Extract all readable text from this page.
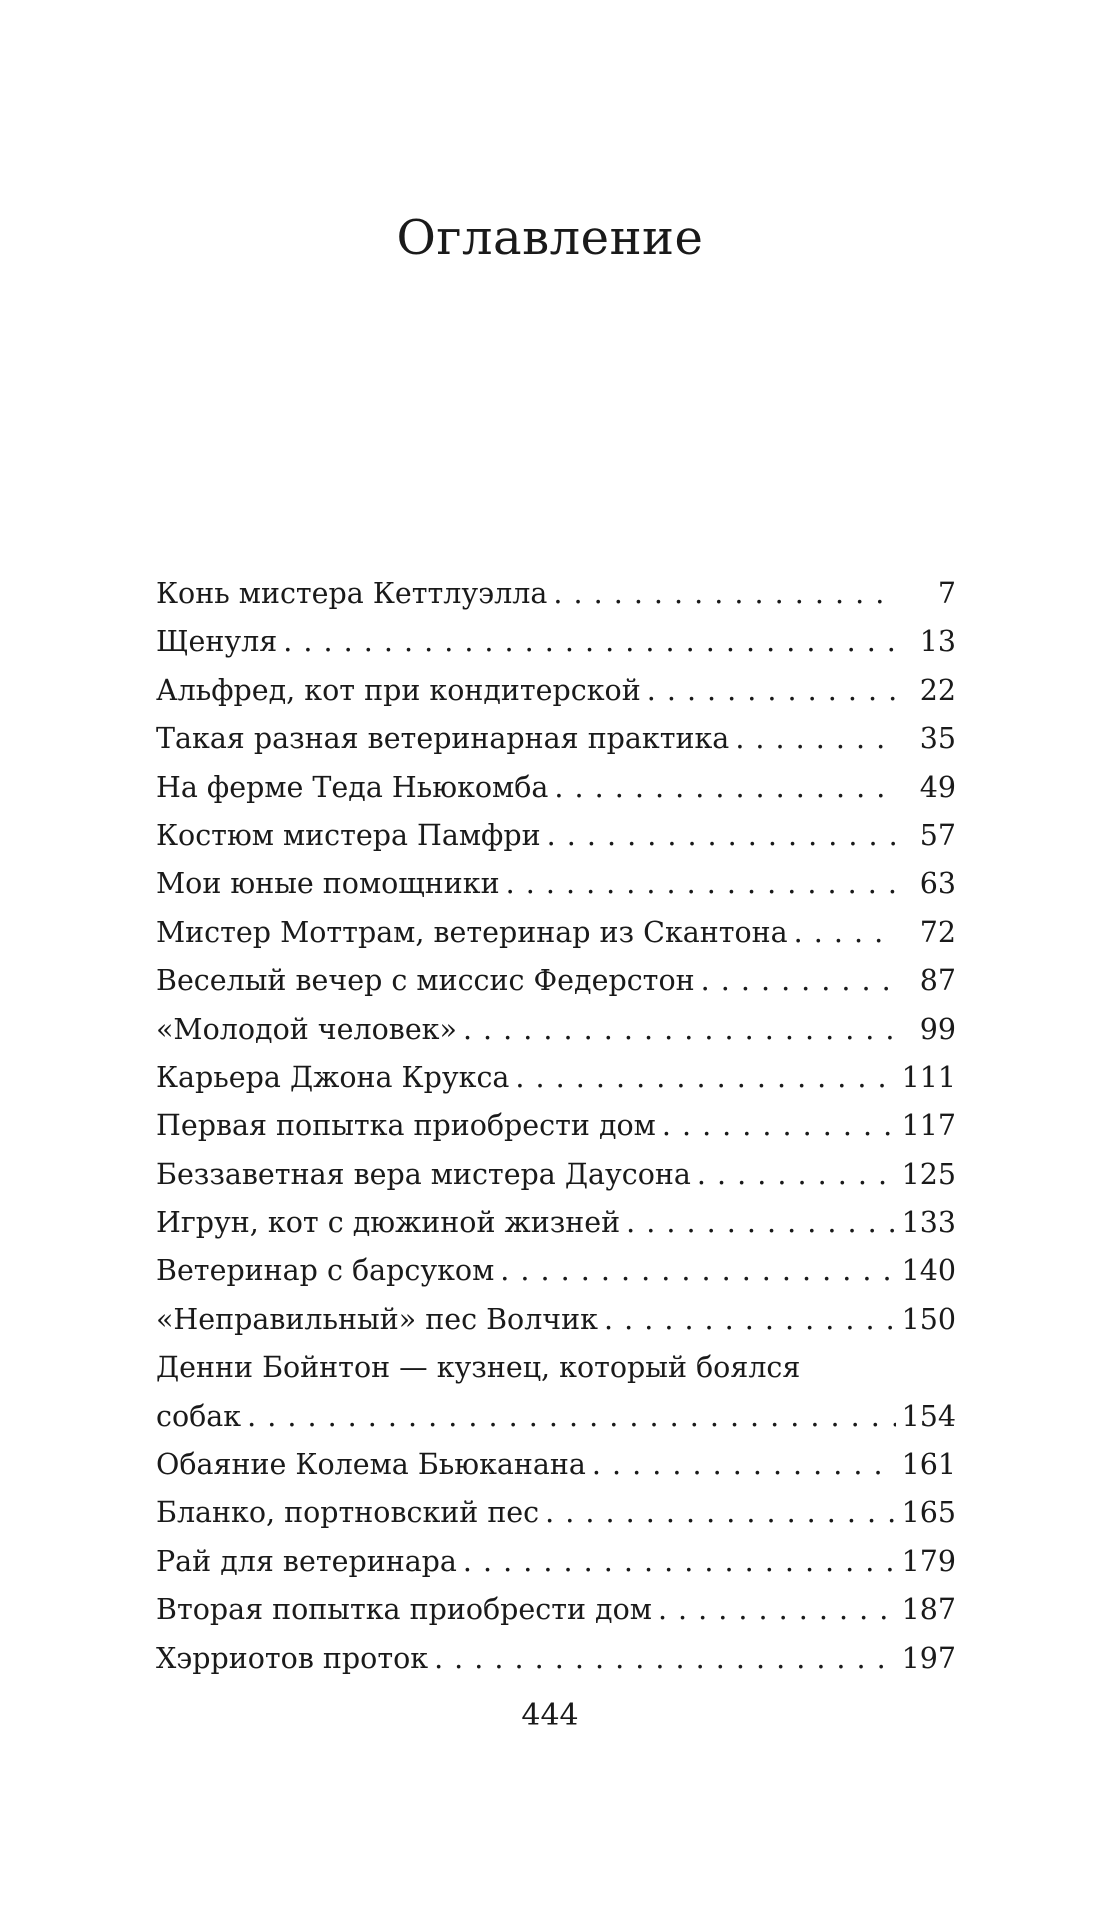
Оглавление
Конь мистера Кеттлуэлла . . .	7
Щенуля . . .	13
Альфред, кот при кондитерской . . .	22
Такая разная ветеринарная практика . . .	35
На ферме Теда Ньюкомба . . .	49
Костюм мистера Памфри . . .	57
Мои юные помощники . . .	63
Мистер Моттрам, ветеринар из Скантона . . .	72
Веселый вечер с миссис Федерстон . . .	87
«Молодой человек» . . .	99
Карьера Джона Крукса . . .	111
Первая попытка приобрести дом . . .	117
Беззаветная вера мистера Даусона . . .	125
Игрун, кот с дюжиной жизней . . .	133
Ветеринар с барсуком . . .	140
«Неправильный» пес Волчик . . .	150
Денни Бойнтон — кузнец, который боялся
собак . . .	154
Обаяние Колема Бьюканана . . .	161
Бланко, портновский пес . . .	165
Рай для ветеринара . . .	179
Вторая попытка приобрести дом . . .	187
Хэрриотов проток . . .	197
444
